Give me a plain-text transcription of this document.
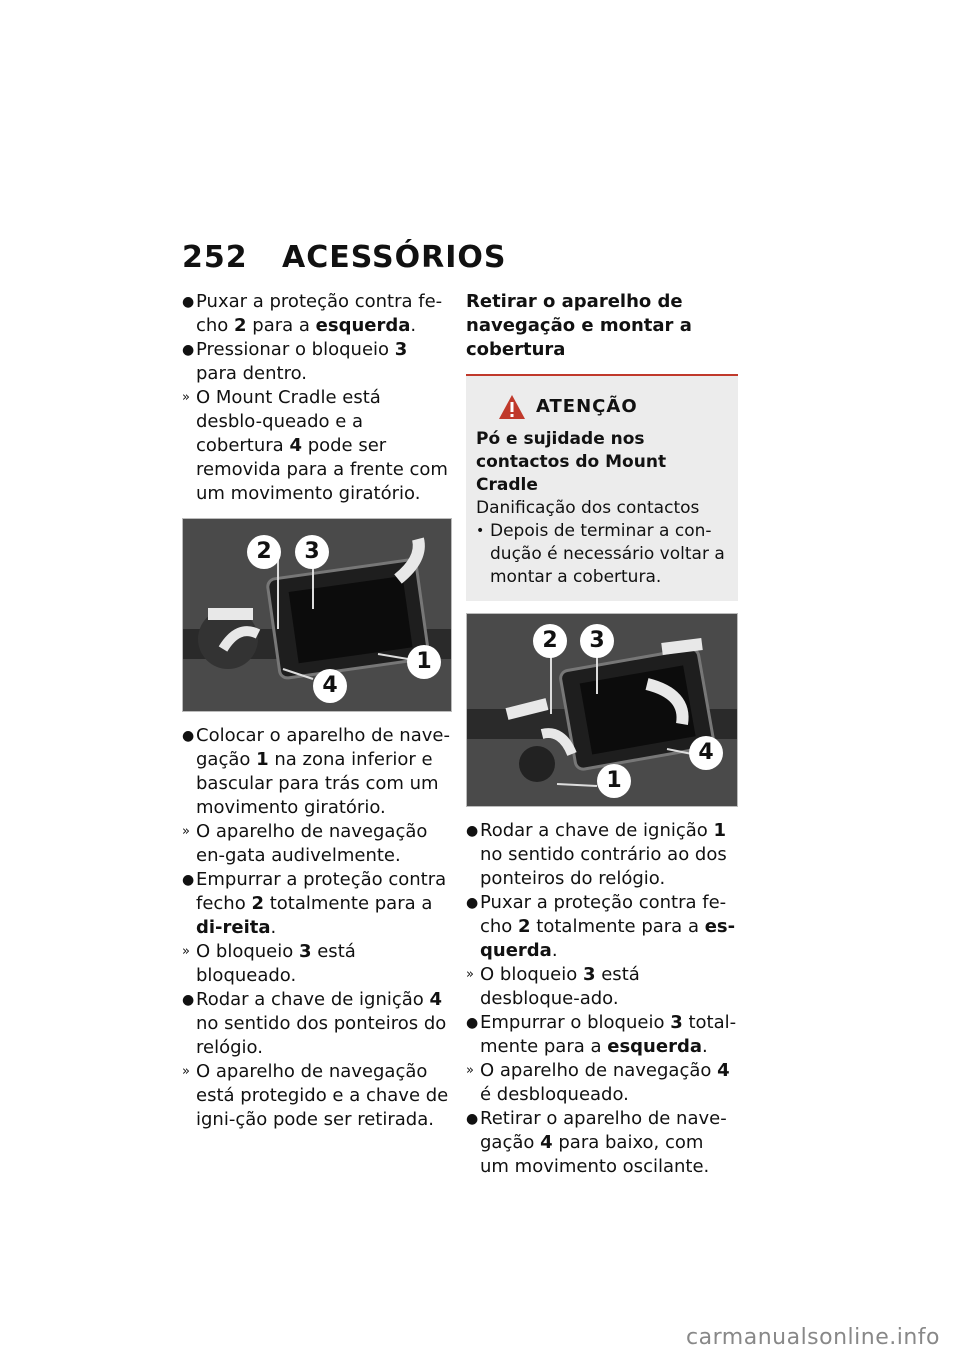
252 ACESSÓRIOS

● Puxar a proteção contra fe-cho 2 para a esquerda.

● Pressionar o bloqueio 3 para dentro.

» O Mount Cradle está desblo-queado e a cobertura 4 pode ser removida para a frente com um movimento giratório.

2	3
1
4

● Colocar o aparelho de nave-gação 1 na zona inferior e bascular para trás com um movimento giratório.

» O aparelho de navegação en-gata audivelmente.

● Empurrar a proteção contra fecho 2 totalmente para a di-reita.

» O bloqueio 3 está bloqueado.

● Rodar a chave de ignição 4 no sentido dos ponteiros do relógio.

» O aparelho de navegação está protegido e a chave de igni-ção pode ser retirada.

Retirar o aparelho de navegação e montar a cobertura
ATENÇÃO
Pó e sujidade nos contactos do Mount Cradle
Danificação dos contactos
• Depois de terminar a con-dução é necessário voltar a montar a cobertura.
2	3
4
1

● Rodar a chave de ignição 1 no sentido contrário ao dos ponteiros do relógio.

● Puxar a proteção contra fe-cho 2 totalmente para a es-querda.

» O bloqueio 3 está desbloque-ado.

● Empurrar o bloqueio 3 total-mente para a esquerda.

» O aparelho de navegação 4 é desbloqueado.

● Retirar o aparelho de nave-gação 4 para baixo, com um movimento oscilante.

carmanualsonline.info
